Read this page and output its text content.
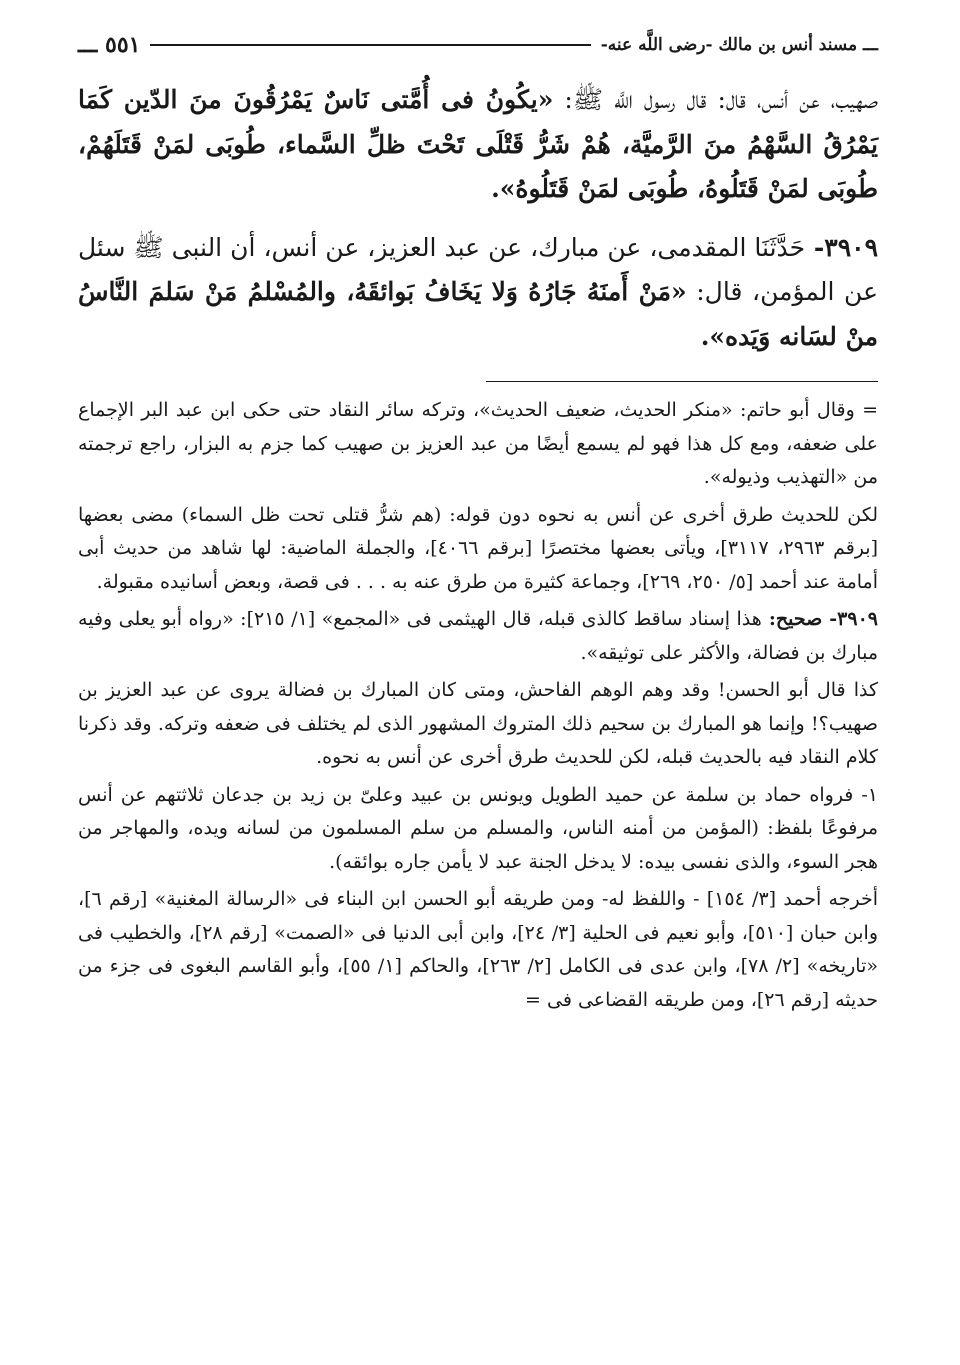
ـــ مسند أنس بن مالك -رضى اللَّه عنه-
٥٥١ ـــ

صهيب، عن أنس، قال: قال رسول اللَّه ﷺ: «يكُونُ فى أُمَّتى نَاسٌ يَمْرُقُونَ منَ الدّين كَمَا يَمْرُقُ السَّهْمُ منَ الرَّميَّة، هُمْ شَرُّ قَتْلَى تَحْتَ ظلِّ السَّماء، طُوبَى لمَنْ قَتَلَهُمْ، طُوبَى لمَنْ قَتَلُوهُ، طُوبَى لمَنْ قَتَلُوهُ».

٣٩٠٩- حَدَّثَنَا المقدمى، عن مبارك، عن عبد العزيز، عن أنس، أن النبى ﷺ سئل عن المؤمن، قال: «مَنْ أَمنَهُ جَارُهُ وَلا يَخَافُ بَوائقَهُ، والمُسْلمُ مَنْ سَلمَ النَّاسُ منْ لسَانه وَيَده».

= وقال أبو حاتم: «منكر الحديث، ضعيف الحديث»، وتركه سائر النقاد حتى حكى ابن عبد البر الإجماع على ضعفه، ومع كل هذا فهو لم يسمع أيضًا من عبد العزيز بن صهيب كما جزم به البزار، راجع ترجمته من «التهذيب وذيوله».

لكن للحديث طرق أخرى عن أنس به نحوه دون قوله: (هم شرُّ قتلى تحت ظل السماء) مضى بعضها [برقم ٢٩٦٣، ٣١١٧]، ويأتى بعضها مختصرًا [برقم ٤٠٦٦]، والجملة الماضية: لها شاهد من حديث أبى أمامة عند أحمد [٥/ ٢٥٠، ٢٦٩]، وجماعة كثيرة من طرق عنه به . . . فى قصة، وبعض أسانيده مقبولة.

٣٩٠٩- صحيح: هذا إسناد ساقط كالذى قبله، قال الهيثمى فى «المجمع» [١/ ٢١٥]: «رواه أبو يعلى وفيه مبارك بن فضالة، والأكثر على توثيقه».

كذا قال أبو الحسن! وقد وهم الوهم الفاحش، ومتى كان المبارك بن فضالة يروى عن عبد العزيز بن صهيب؟! وإنما هو المبارك بن سحيم ذلك المتروك المشهور الذى لم يختلف فى ضعفه وتركه. وقد ذكرنا كلام النقاد فيه بالحديث قبله، لكن للحديث طرق أخرى عن أنس به نحوه.

١- فرواه حماد بن سلمة عن حميد الطويل ويونس بن عبيد وعلىّ بن زيد بن جدعان ثلاثتهم عن أنس مرفوعًا بلفظ: (المؤمن من أمنه الناس، والمسلم من سلم المسلمون من لسانه ويده، والمهاجر من هجر السوء، والذى نفسى بيده: لا يدخل الجنة عبد لا يأمن جاره بوائقه).

أخرجه أحمد [٣/ ١٥٤] - واللفظ له- ومن طريقه أبو الحسن ابن البناء فى «الرسالة المغنية» [رقم ٦]، وابن حبان [٥١٠]، وأبو نعيم فى الحلية [٣/ ٢٤]، وابن أبى الدنيا فى «الصمت» [رقم ٢٨]، والخطيب فى «تاريخه» [٢/ ٧٨]، وابن عدى فى الكامل [٢/ ٢٦٣]، والحاكم [١/ ٥٥]، وأبو القاسم البغوى فى جزء من حديثه [رقم ٢٦]، ومن طريقه القضاعى فى =
